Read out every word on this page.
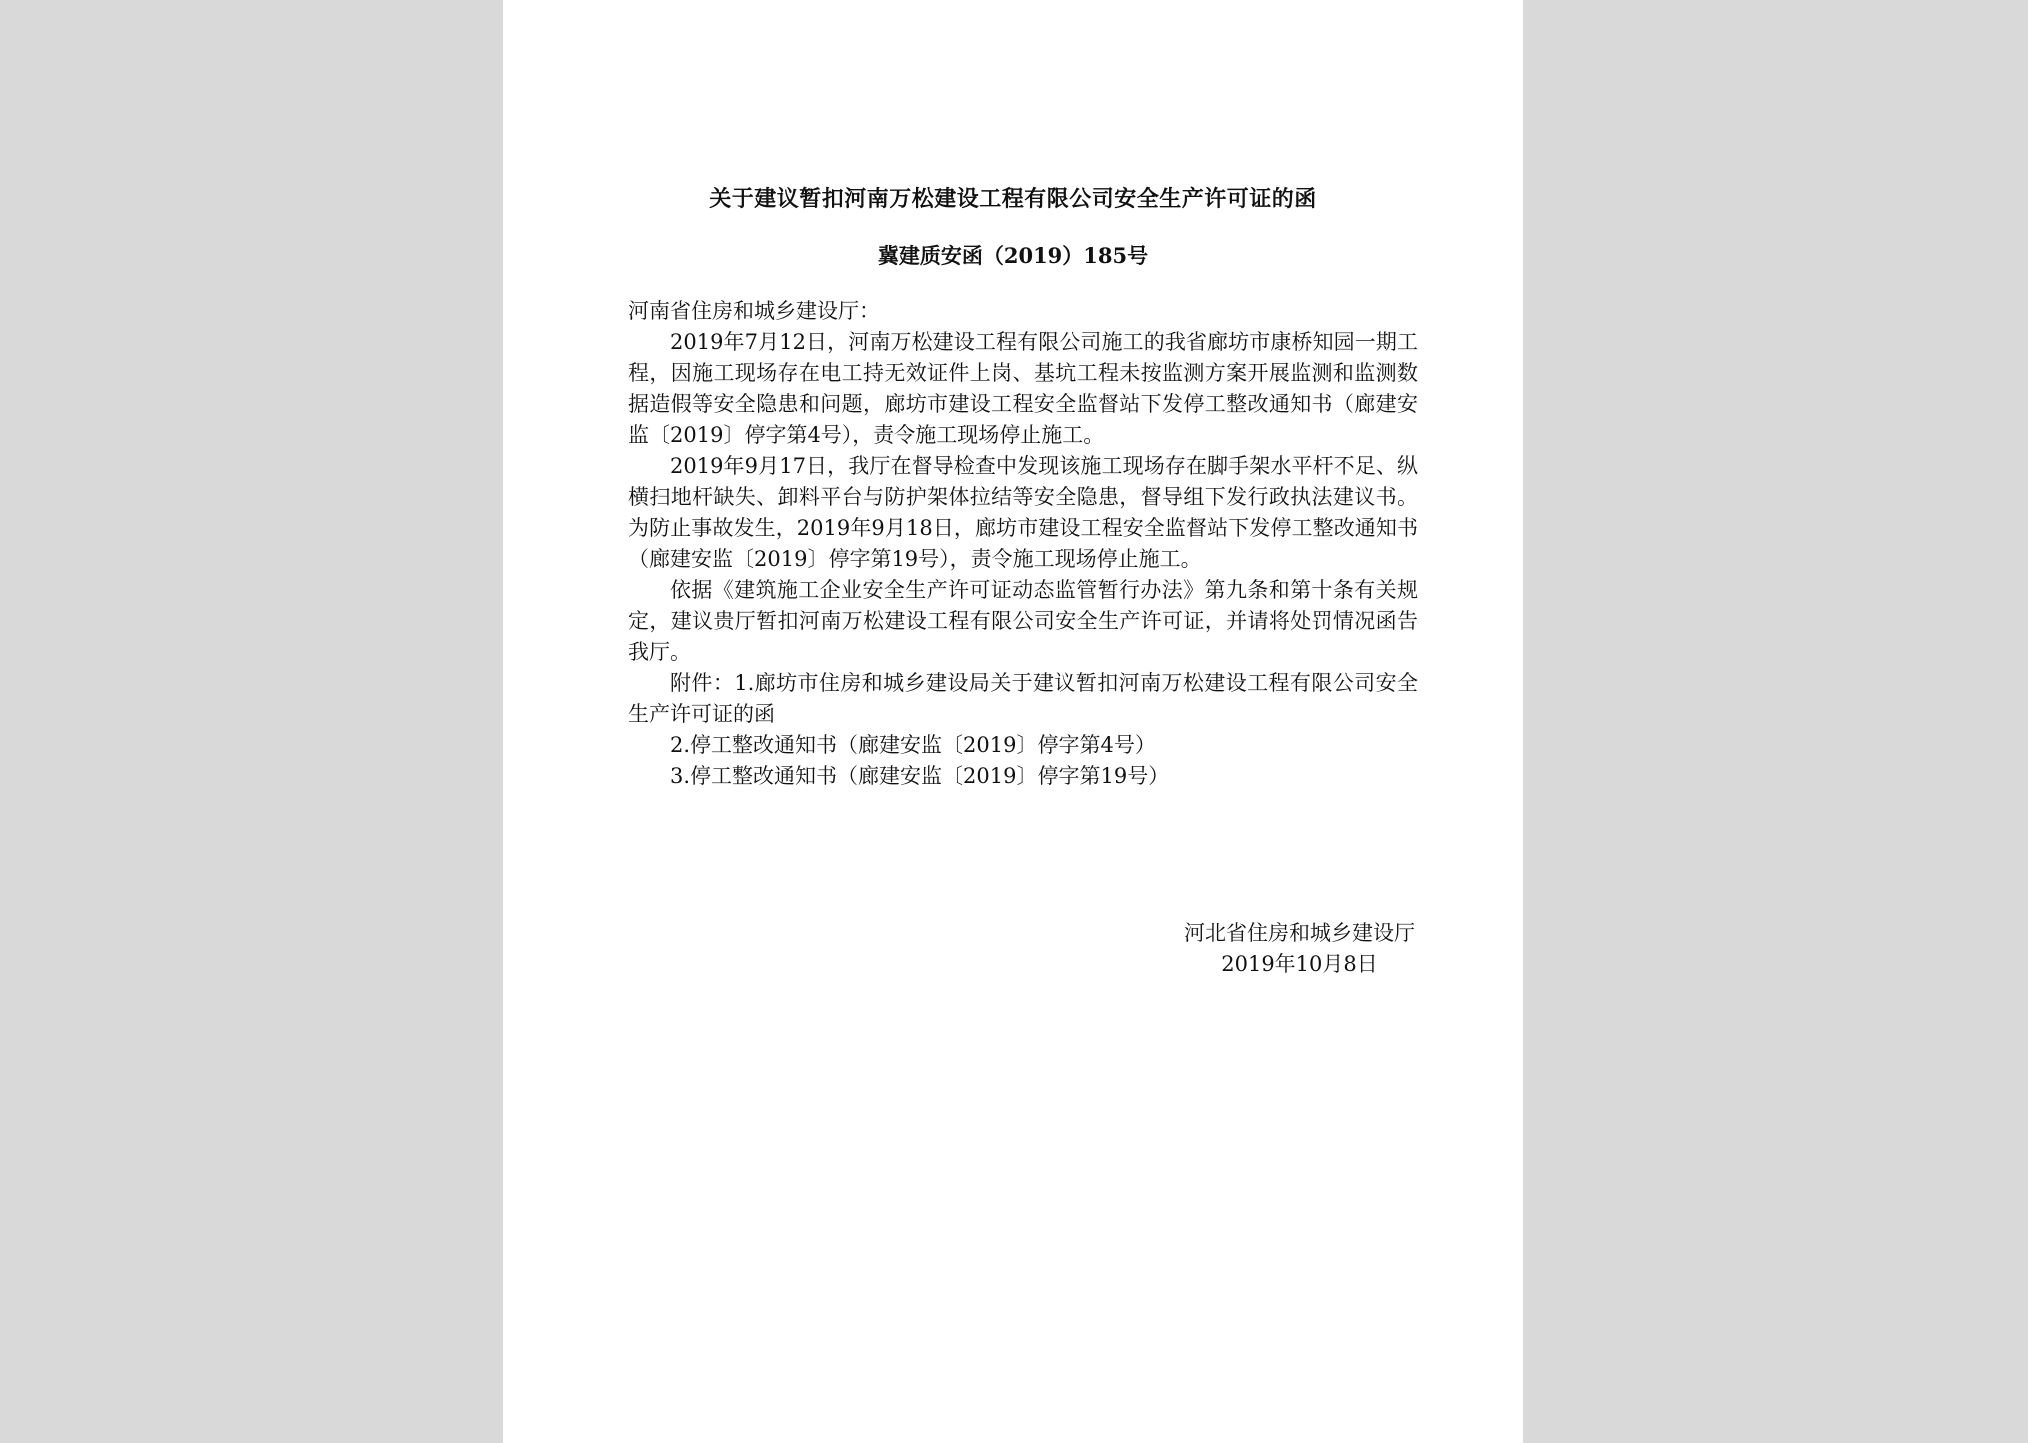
关于建议暂扣河南万松建设工程有限公司安全生产许可证的函
冀建质安函（2019）185号

河南省住房和城乡建设厅：

2019年7月12日，河南万松建设工程有限公司施工的我省廊坊市康桥知园一期工程，因施工现场存在电工持无效证件上岗、基坑工程未按监测方案开展监测和监测数据造假等安全隐患和问题，廊坊市建设工程安全监督站下发停工整改通知书（廊建安监〔2019〕停字第4号），责令施工现场停止施工。

2019年9月17日，我厅在督导检查中发现该施工现场存在脚手架水平杆不足、纵横扫地杆缺失、卸料平台与防护架体拉结等安全隐患，督导组下发行政执法建议书。为防止事故发生，2019年9月18日，廊坊市建设工程安全监督站下发停工整改通知书（廊建安监〔2019〕停字第19号），责令施工现场停止施工。

依据《建筑施工企业安全生产许可证动态监管暂行办法》第九条和第十条有关规定，建议贵厅暂扣河南万松建设工程有限公司安全生产许可证，并请将处罚情况函告我厅。

附件：1.廊坊市住房和城乡建设局关于建议暂扣河南万松建设工程有限公司安全生产许可证的函

2.停工整改通知书（廊建安监〔2019〕停字第4号）

3.停工整改通知书（廊建安监〔2019〕停字第19号）

河北省住房和城乡建设厅
2019年10月8日
